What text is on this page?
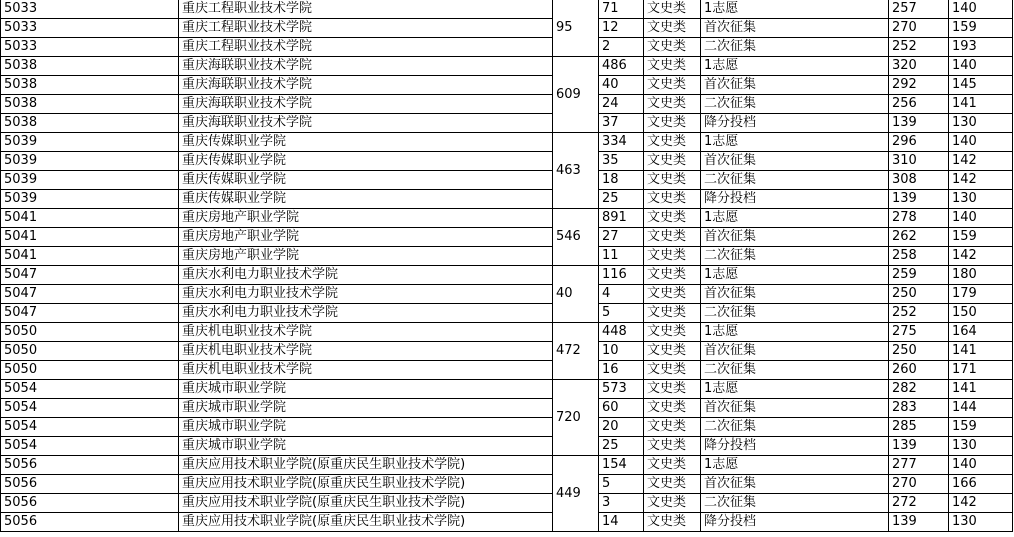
5033	重庆工程职业技术学院	95	71	文史类	1志愿	257	140
5033	重庆工程职业技术学院		12	文史类	首次征集	270	159
5033	重庆工程职业技术学院		2	文史类	二次征集	252	193
5038	重庆海联职业技术学院	609	486	文史类	1志愿	320	140
5038	重庆海联职业技术学院		40	文史类	首次征集	292	145
5038	重庆海联职业技术学院		24	文史类	二次征集	256	141
5038	重庆海联职业技术学院		37	文史类	降分投档	139	130
5039	重庆传媒职业学院	463	334	文史类	1志愿	296	140
5039	重庆传媒职业学院		35	文史类	首次征集	310	142
5039	重庆传媒职业学院		18	文史类	二次征集	308	142
5039	重庆传媒职业学院		25	文史类	降分投档	139	130
5041	重庆房地产职业学院	546	891	文史类	1志愿	278	140
5041	重庆房地产职业学院		27	文史类	首次征集	262	159
5041	重庆房地产职业学院		11	文史类	二次征集	258	142
5047	重庆水利电力职业技术学院	40	116	文史类	1志愿	259	180
5047	重庆水利电力职业技术学院		4	文史类	首次征集	250	179
5047	重庆水利电力职业技术学院		5	文史类	二次征集	252	150
5050	重庆机电职业技术学院	472	448	文史类	1志愿	275	164
5050	重庆机电职业技术学院		10	文史类	首次征集	250	141
5050	重庆机电职业技术学院		16	文史类	二次征集	260	171
5054	重庆城市职业学院	720	573	文史类	1志愿	282	141
5054	重庆城市职业学院		60	文史类	首次征集	283	144
5054	重庆城市职业学院		20	文史类	二次征集	285	159
5054	重庆城市职业学院		25	文史类	降分投档	139	130
5056	重庆应用技术职业学院(原重庆民生职业技术学院)	449	154	文史类	1志愿	277	140
5056	重庆应用技术职业学院(原重庆民生职业技术学院)		5	文史类	首次征集	270	166
5056	重庆应用技术职业学院(原重庆民生职业技术学院)		3	文史类	二次征集	272	142
5056	重庆应用技术职业学院(原重庆民生职业技术学院)		14	文史类	降分投档	139	130
